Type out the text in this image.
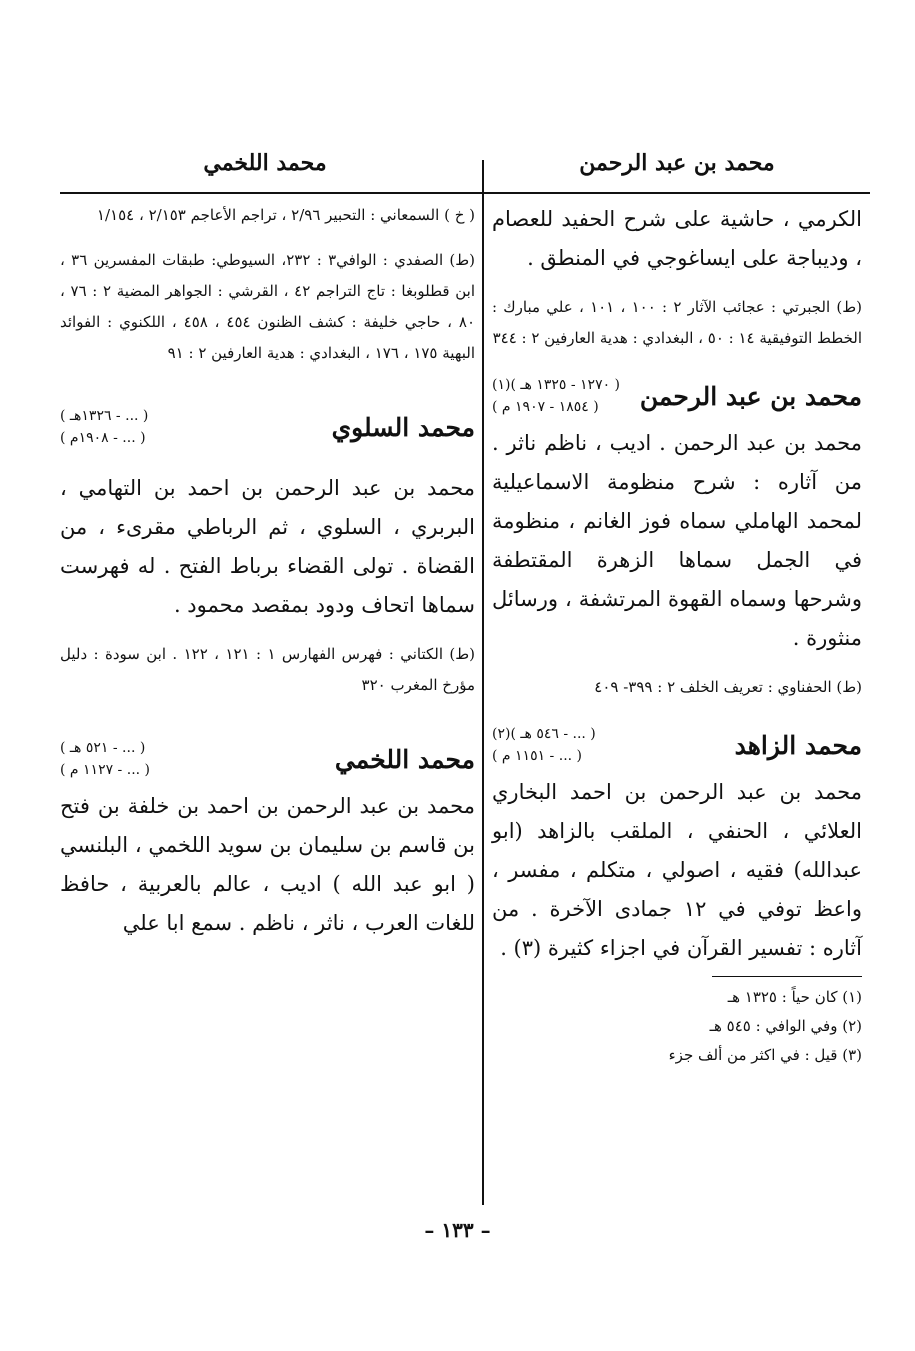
محمد بن عبد الرحمن
محمد اللخمي

الكرمي ، حاشية على شرح الحفيد للعصام ، وديباجة على ايساغوجي في المنطق .

(ط) الجبرتي : عجائب الآثار ٢ : ١٠٠ ، ١٠١ ، علي مبارك : الخطط التوفيقية ١٤ : ٥٠ ، البغدادي : هدية العارفين ٢ : ٣٤٤

محمد بن عبد الرحمن
( ١٢٧٠ - ١٣٢٥ هـ )(١)
( ١٨٥٤ - ١٩٠٧ م )

محمد بن عبد الرحمن . اديب ، ناظم ناثر . من آثاره : شرح منظومة الاسماعيلية لمحمد الهاملي سماه فوز الغانم ، منظومة في الجمل سماها الزهرة المقتطفة وشرحها وسماه القهوة المرتشفة ، ورسائل منثورة .

(ط) الحفناوي : تعريف الخلف ٢ : ٣٩٩- ٤٠٩

محمد الزاهد
( ... - ٥٤٦ هـ )(٢)
( ... - ١١٥١ م )

محمد بن عبد الرحمن بن احمد البخاري العلائي ، الحنفي ، الملقب بالزاهد (ابو عبدالله) فقيه ، اصولي ، متكلم ، مفسر ، واعظ توفي في ١٢ جمادى الآخرة . من آثاره : تفسير القرآن في اجزاء كثيرة (٣) .

(١) كان حياً : ١٣٢٥ هـ

(٢) وفي الوافي : ٥٤٥ هـ

(٣) قيل : في اكثر من ألف جزء

( خ ) السمعاني : التحبير ٢/٩٦ ، تراجم الأعاجم ٢/١٥٣ ، ١/١٥٤

(ط) الصفدي : الوافي٣ : ٢٣٢، السيوطي: طبقات المفسرين ٣٦ ، ابن قطلوبغا : تاج التراجم ٤٢ ، القرشي : الجواهر المضية ٢ : ٧٦ ، ٨٠ ، حاجي خليفة : كشف الظنون ٤٥٤ ، ٤٥٨ ، اللكنوي : الفوائد البهية ١٧٥ ، ١٧٦ ، البغدادي : هدية العارفين ٢ : ٩١

محمد السلوي
( ... - ١٣٢٦هـ )
( ... - ١٩٠٨م )

محمد بن عبد الرحمن بن احمد بن التهامي ، البربري ، السلوي ، ثم الرباطي مقرىء ، من القضاة . تولى القضاء برباط الفتح . له فهرست سماها اتحاف ودود بمقصد محمود .

(ط) الكتاني : فهرس الفهارس ١ : ١٢١ ، ١٢٢ . ابن سودة : دليل مؤرخ المغرب ٣٢٠

محمد اللخمي
( ... - ٥٢١ هـ )
( ... - ١١٢٧ م )

محمد بن عبد الرحمن بن احمد بن خلفة بن فتح بن قاسم بن سليمان بن سويد اللخمي ، البلنسي ( ابو عبد الله ) اديب ، عالم بالعربية ، حافظ للغات العرب ، ناثر ، ناظم . سمع ابا علي

– ١٣٣ –
